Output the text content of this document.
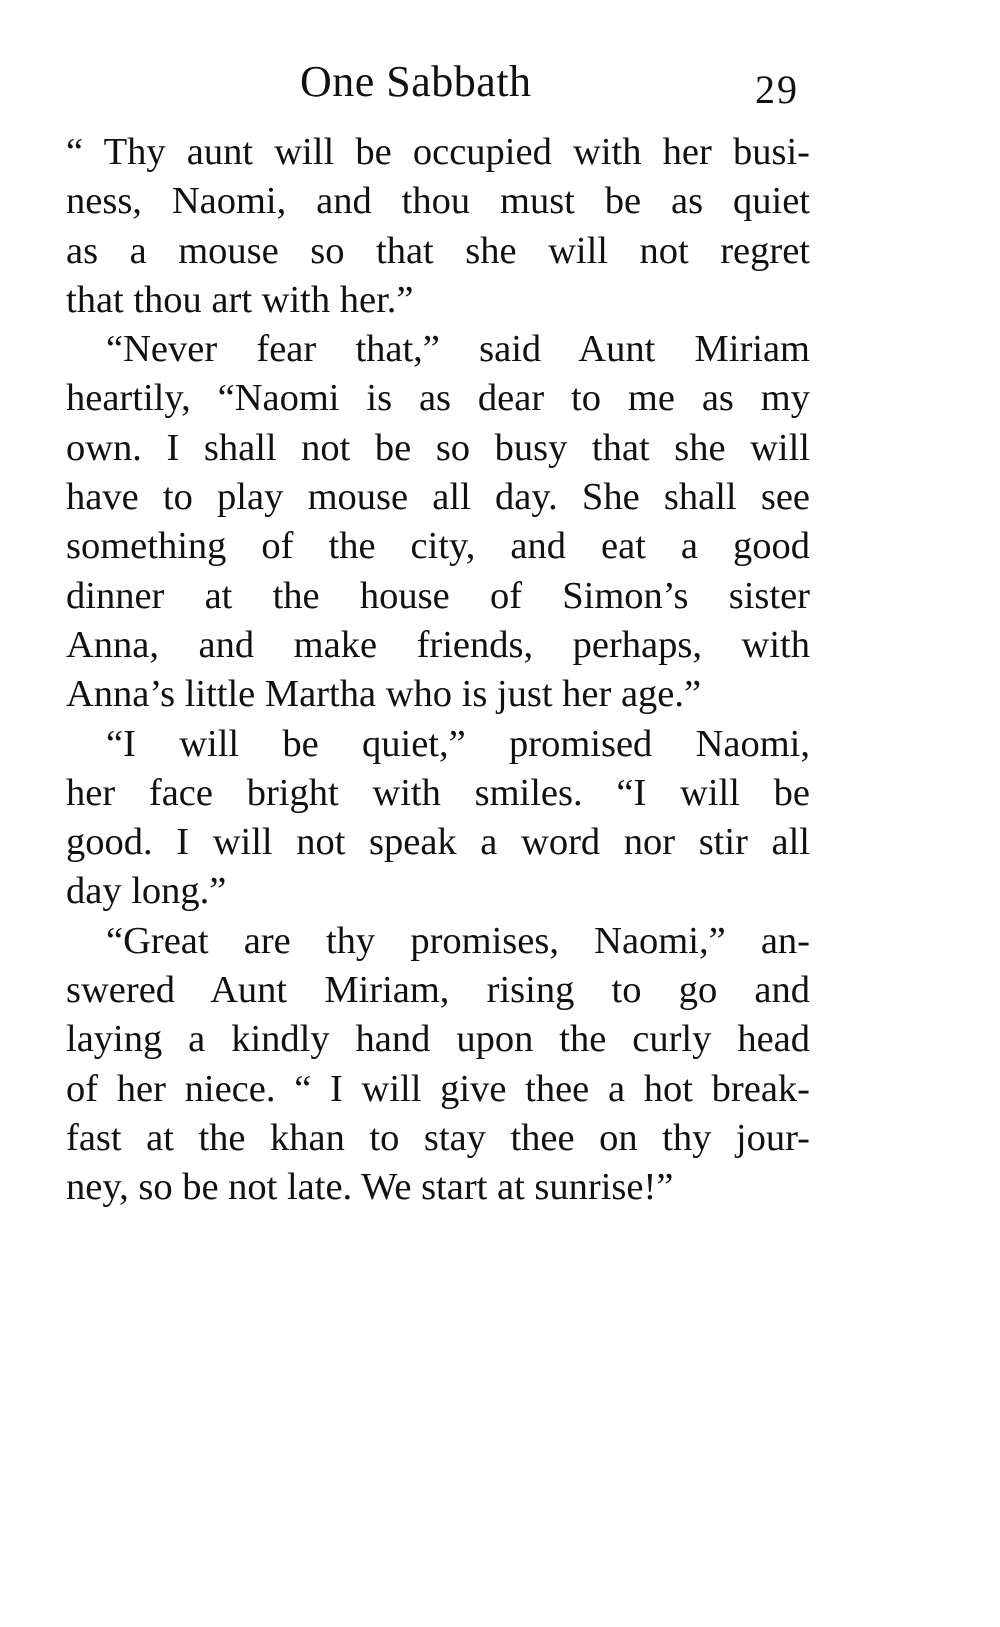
One Sabbath	29
“ Thy aunt will be occupied with her busi-
ness, Naomi, and thou must be as quiet
as a mouse so that she will not regret
that thou art with her.”
“Never fear that,” said Aunt Miriam
heartily, “Naomi is as dear to me as my
own. I shall not be so busy that she will
have to play mouse all day. She shall see
something of the city, and eat a good
dinner at the house of Simon’s sister
Anna, and make friends, perhaps, with
Anna’s little Martha who is just her age.”
“I will be quiet,” promised Naomi,
her face bright with smiles. “I will be
good. I will not speak a word nor stir all
day long.”
“Great are thy promises, Naomi,” an-
swered Aunt Miriam, rising to go and
laying a kindly hand upon the curly head
of her niece. “ I will give thee a hot break-
fast at the khan to stay thee on thy jour-
ney, so be not late. We start at sunrise!”
